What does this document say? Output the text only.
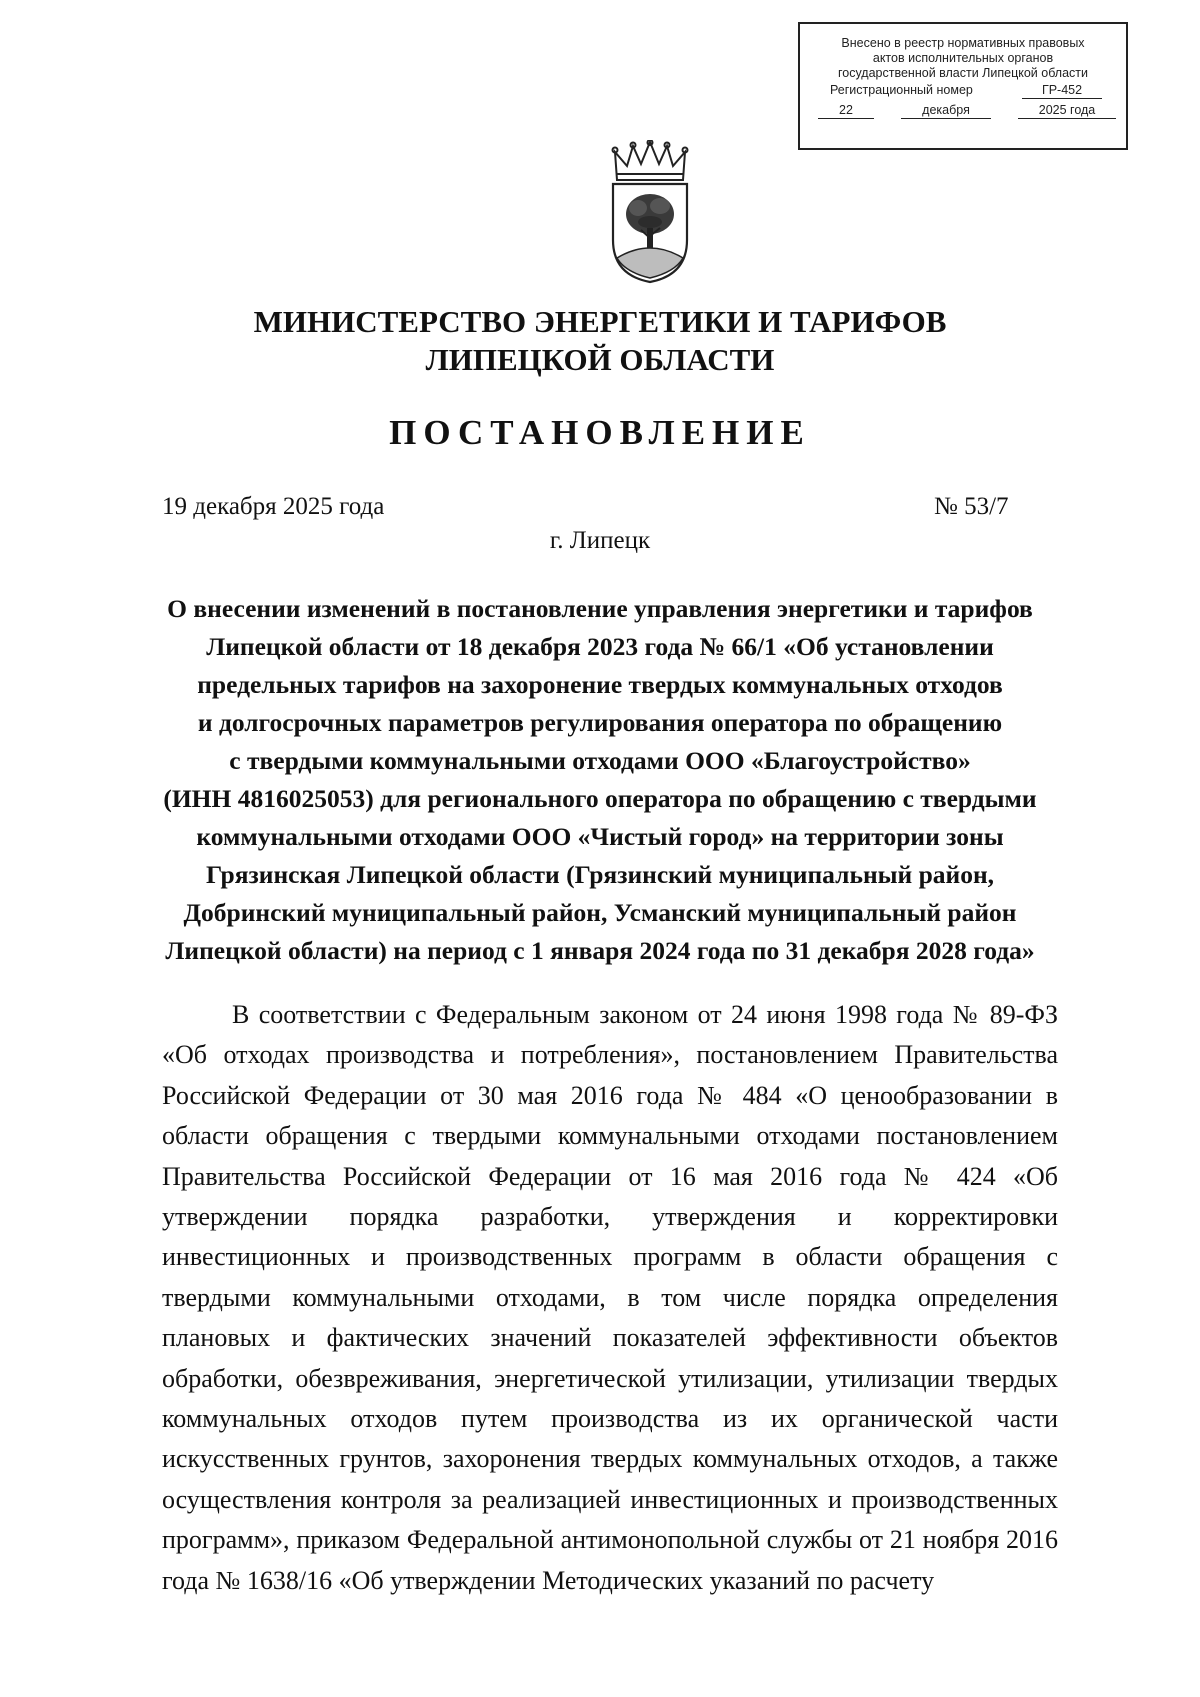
Внесено в реестр нормативных правовых
актов исполнительных органов
государственной власти Липецкой области
Регистрационный номер	ГР-452
22	декабря	2025 года
МИНИСТЕРСТВО ЭНЕРГЕТИКИ И ТАРИФОВ
ЛИПЕЦКОЙ ОБЛАСТИ
ПОСТАНОВЛЕНИЕ
19 декабря 2025 года	№ 53/7
г. Липецк
О внесении изменений в постановление управления энергетики и тарифов
Липецкой области от 18 декабря 2023 года № 66/1 «Об установлении
предельных тарифов на захоронение твердых коммунальных отходов
и долгосрочных параметров регулирования оператора по обращению
с твердыми коммунальными отходами ООО «Благоустройство»
(ИНН 4816025053) для регионального оператора по обращению с твердыми
коммунальными отходами ООО «Чистый город» на территории зоны
Грязинская Липецкой области (Грязинский муниципальный район,
Добринский муниципальный район, Усманский муниципальный район
Липецкой области) на период с 1 января 2024 года по 31 декабря 2028 года»

В соответствии с Федеральным законом от 24 июня 1998 года № 89-ФЗ «Об отходах производства и потребления», постановлением Правительства Российской Федерации от 30 мая 2016 года № 484 «О ценообразовании в области обращения с твердыми коммунальными отходами постановлением Правительства Российской Федерации от 16 мая 2016 года № 424 «Об утверждении порядка разработки, утверждения и корректировки инвестиционных и производственных программ в области обращения с твердыми коммунальными отходами, в том числе порядка определения плановых и фактических значений показателей эффективности объектов обработки, обезвреживания, энергетической утилизации, утилизации твердых коммунальных отходов путем производства из их органической части искусственных грунтов, захоронения твердых коммунальных отходов, а также осуществления контроля за реализацией инвестиционных и производственных программ», приказом Федеральной антимонопольной службы от 21 ноября 2016 года № 1638/16 «Об утверждении Методических указаний по расчету
